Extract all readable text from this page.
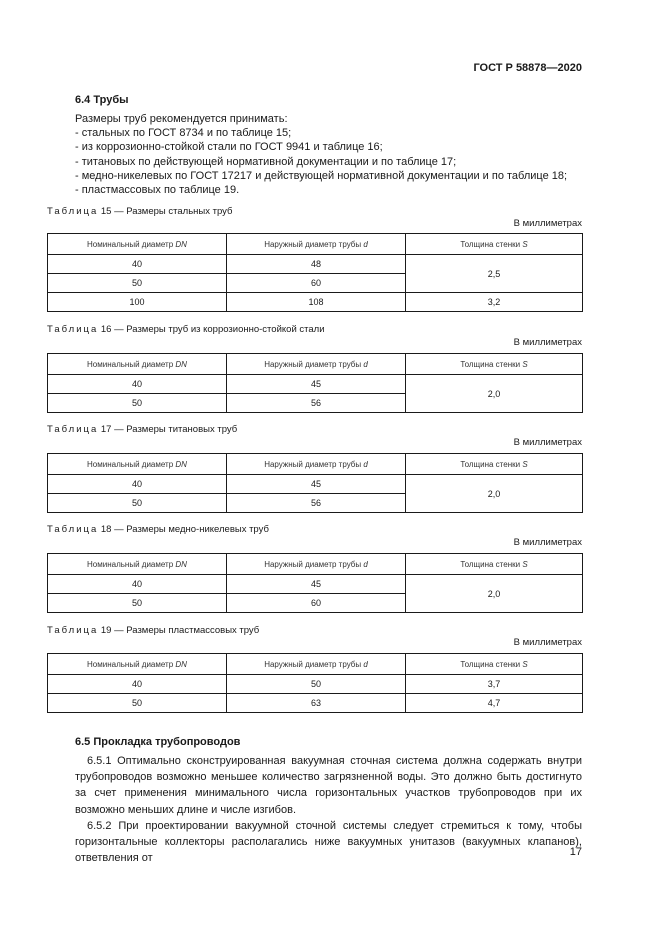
ГОСТ Р 58878—2020
6.4 Трубы
Размеры труб рекомендуется принимать:
- стальных по ГОСТ 8734 и по таблице 15;
- из коррозионно-стойкой стали по ГОСТ 9941 и таблице 16;
- титановых по действующей нормативной документации и по таблице 17;
- медно-никелевых по ГОСТ 17217 и действующей нормативной документации и по таблице 18;
- пластмассовых по таблице 19.
Таблица 15 — Размеры стальных труб
В миллиметрах
Номинальный диаметр DN	Наружный диаметр трубы d	Толщина стенки S
40	48	2,5
50	60	
100	108	3,2
Таблица 16 — Размеры труб из коррозионно-стойкой стали
В миллиметрах
Номинальный диаметр DN	Наружный диаметр трубы d	Толщина стенки S
40	45	2,0
50	56	
Таблица 17 — Размеры титановых труб
В миллиметрах
Номинальный диаметр DN	Наружный диаметр трубы d	Толщина стенки S
40	45	2,0
50	56	
Таблица 18 — Размеры медно-никелевых труб
В миллиметрах
Номинальный диаметр DN	Наружный диаметр трубы d	Толщина стенки S
40	45	2,0
50	60	
Таблица 19 — Размеры пластмассовых труб
В миллиметрах
Номинальный диаметр DN	Наружный диаметр трубы d	Толщина стенки S
40	50	3,7
50	63	4,7
6.5 Прокладка трубопроводов

6.5.1 Оптимально сконструированная вакуумная сточная система должна содержать внутри трубопроводов возможно меньшее количество загрязненной воды. Это должно быть достигнуто за счет применения минимального числа горизонтальных участков трубопроводов при их возможно меньших длине и числе изгибов.

6.5.2 При проектировании вакуумной сточной системы следует стремиться к тому, чтобы горизонтальные коллекторы располагались ниже вакуумных унитазов (вакуумных клапанов), ответвления от

17
